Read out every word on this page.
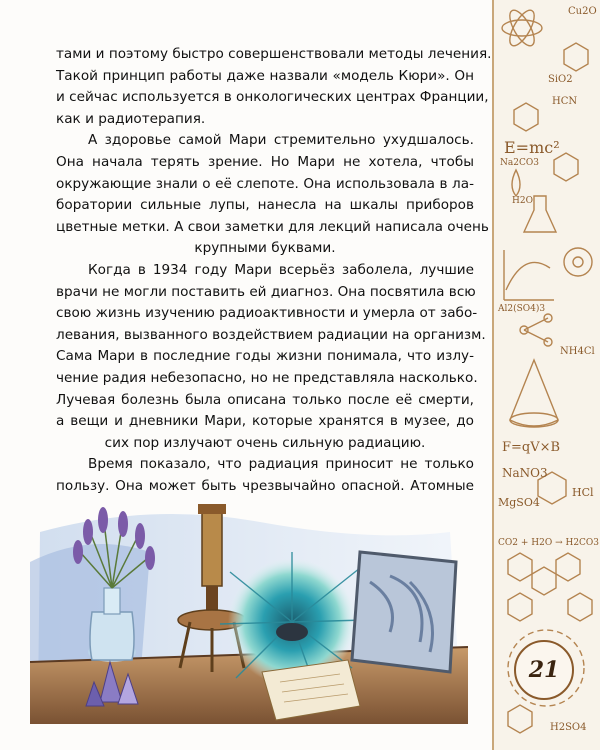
тами и поэтому быстро совершенствовали методы лечения.
Такой принцип работы даже назвали «модель Кюри». Он
и сейчас используется в онкологических центрах Франции,
как и радиотерапия.
А здоровье самой Мари стремительно ухудшалось.
Она начала терять зрение. Но Мари не хотела, чтобы
окружающие знали о её слепоте. Она использовала в ла-
боратории сильные лупы, нанесла на шкалы приборов
цветные метки. А свои заметки для лекций написала очень
крупными буквами.
Когда в 1934 году Мари всерьёз заболела, лучшие
врачи не могли поставить ей диагноз. Она посвятила всю
свою жизнь изучению радиоактивности и умерла от забо-
левания, вызванного воздействием радиации на организм.
Сама Мари в последние годы жизни понимала, что излу-
чение радия небезопасно, но не представляла насколько.
Лучевая болезнь была описана только после её смерти,
а вещи и дневники Мари, которые хранятся в музее, до
сих пор излучают очень сильную радиацию.
Время показало, что радиация приносит не только
пользу. Она может быть чрезвычайно опасной. Атомные
Cu2O
SiO2
HCN
E=mc²
Na2CO3
H2O
Al2(SO4)3
NH4Cl
F=qV×B
NaNO3
MgSO4
HCl
CO2 + H2O → H2CO3
H2SO4
21
